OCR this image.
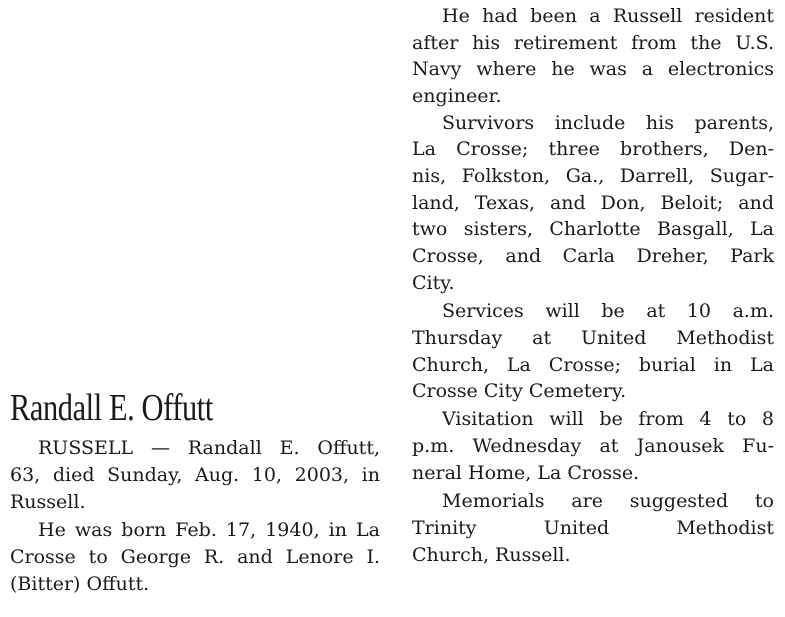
He had been a Russell resident
after his retirement from the U.S.
Navy where he was a electronics
engineer.
Survivors include his parents,
La Crosse; three brothers, Den-
nis, Folkston, Ga., Darrell, Sugar-
land, Texas, and Don, Beloit; and
two sisters, Charlotte Basgall, La
Crosse, and Carla Dreher, Park
City.
Services will be at 10 a.m.
Thursday at United Methodist
Church, La Crosse; burial in La
Crosse City Cemetery.
Visitation will be from 4 to 8
p.m. Wednesday at Janousek Fu-
neral Home, La Crosse.
Memorials are suggested to
Trinity United Methodist
Church, Russell.
Randall E. Offutt
RUSSELL — Randall E. Offutt,
63, died Sunday, Aug. 10, 2003, in
Russell.
He was born Feb. 17, 1940, in La
Crosse to George R. and Lenore I.
(Bitter) Offutt.
